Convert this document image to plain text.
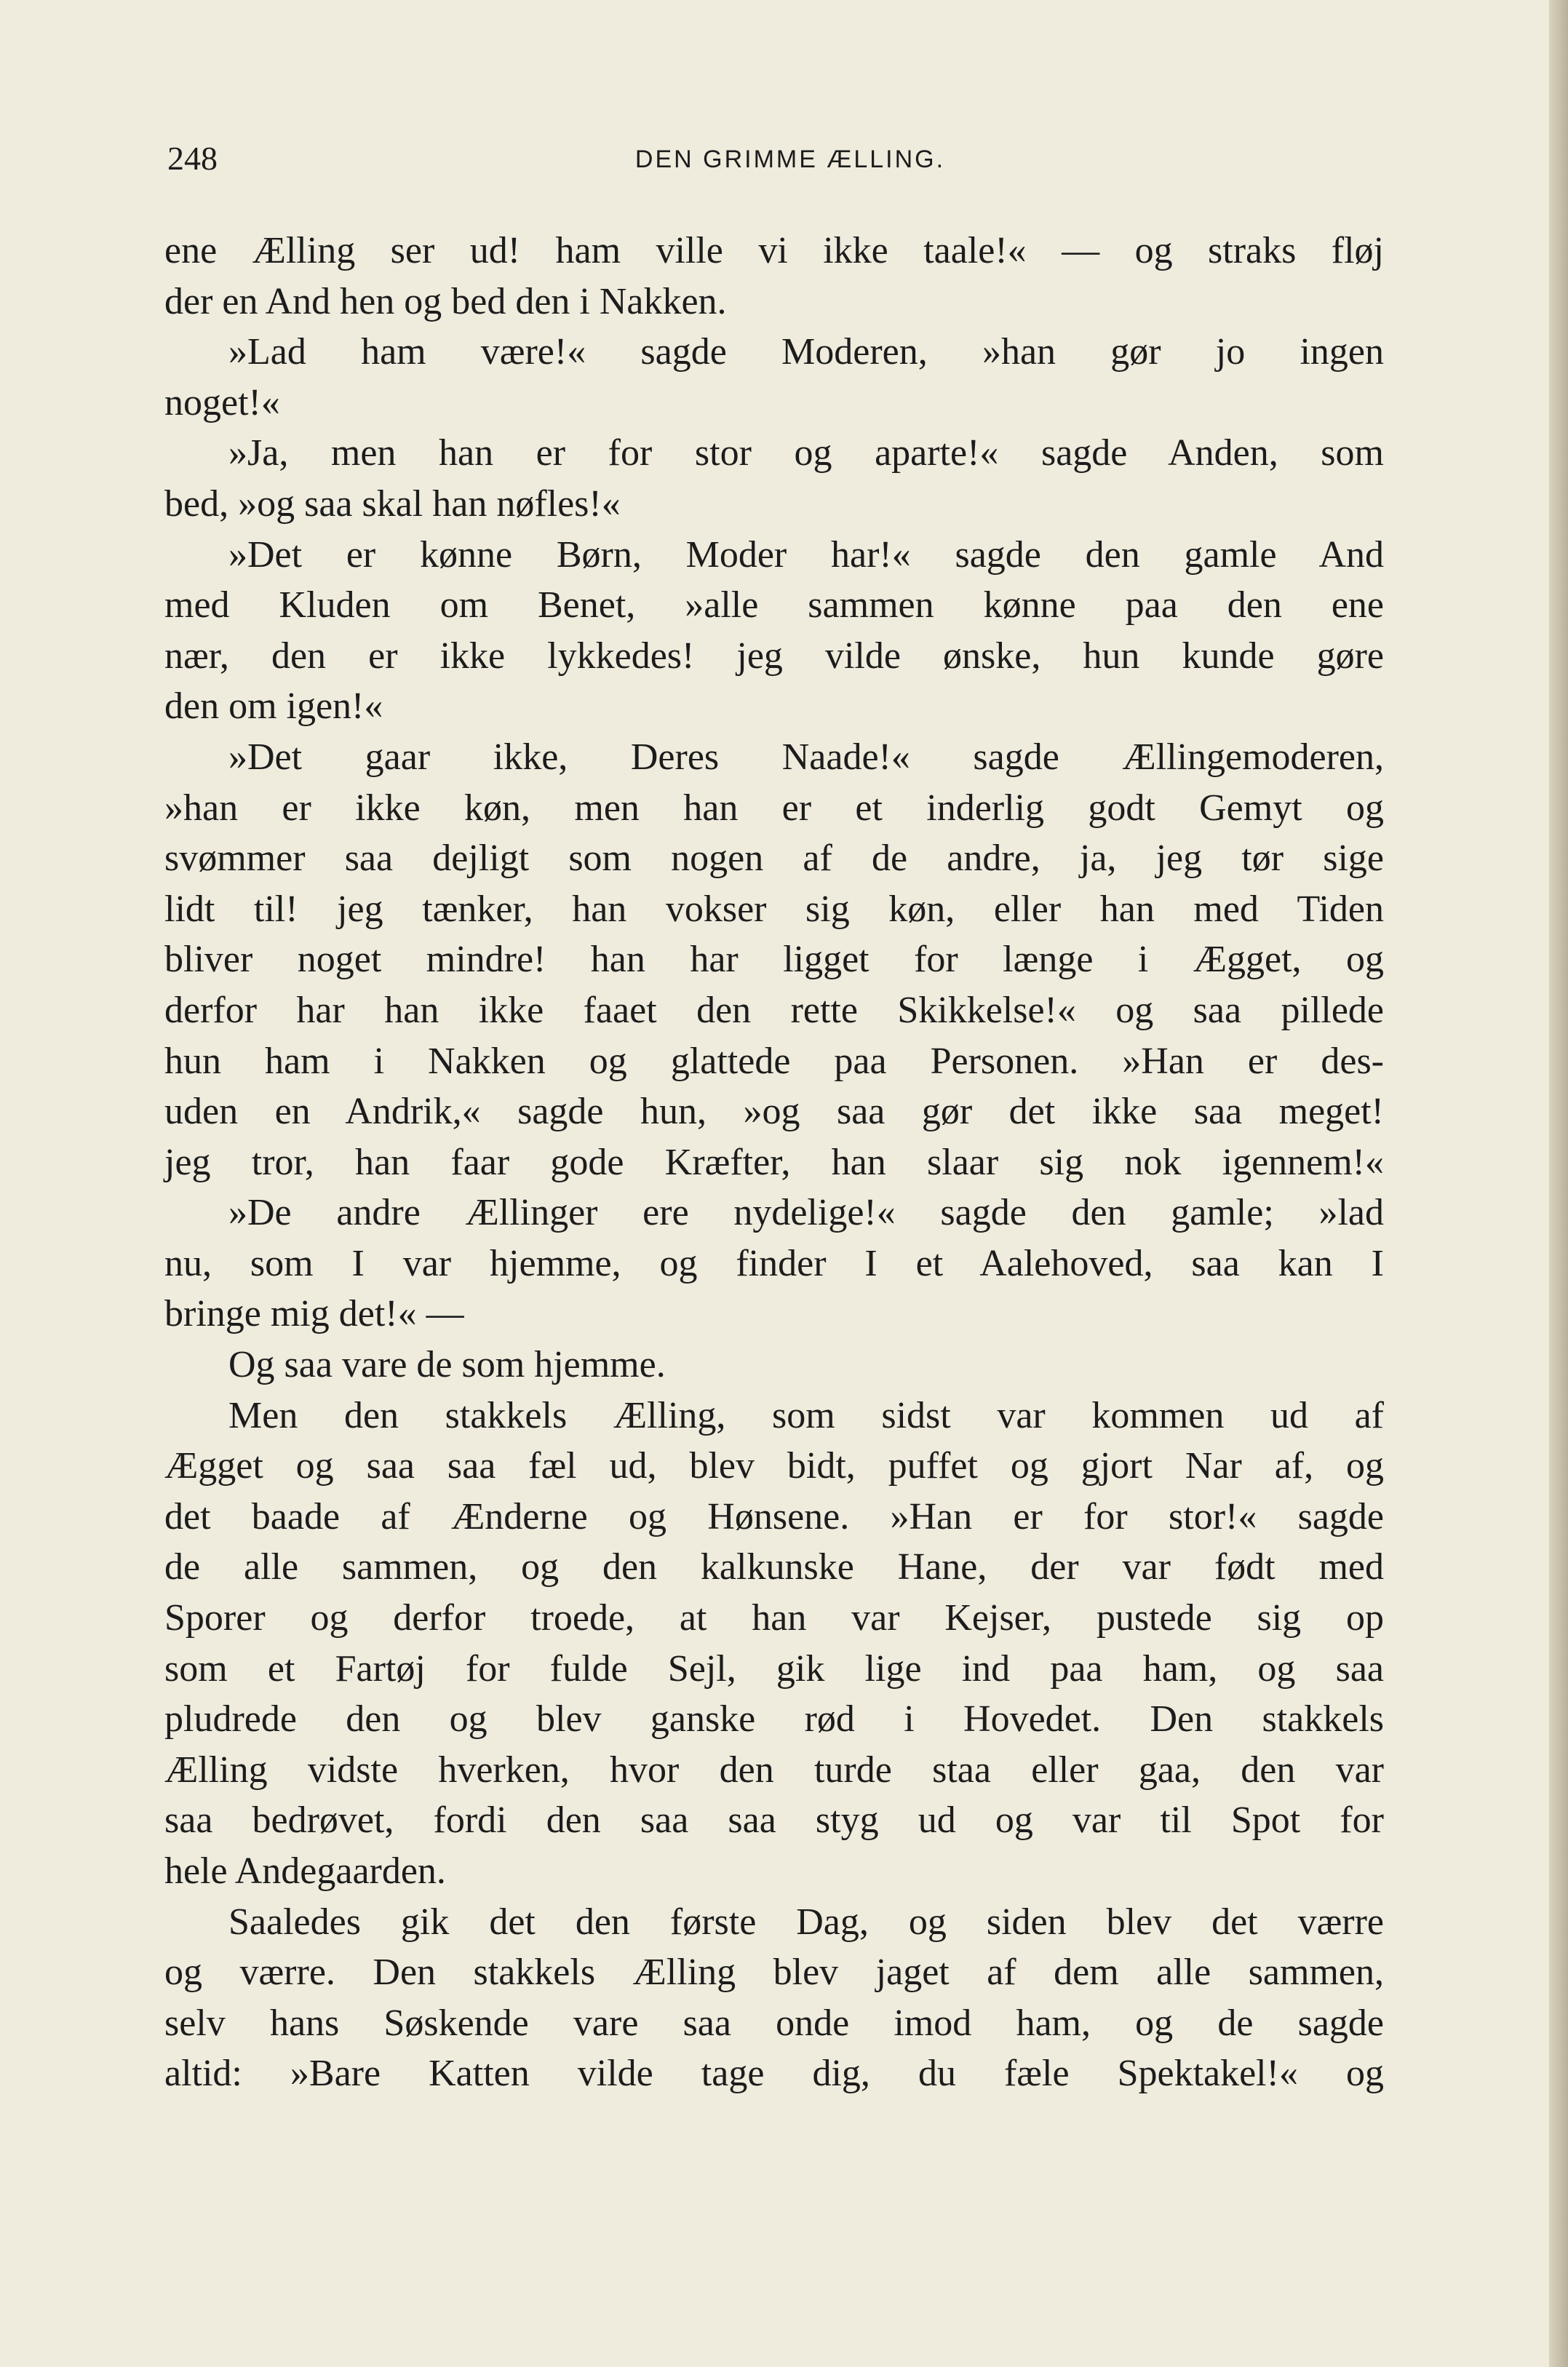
248	DEN GRIMME ÆLLING.
ene Ælling ser ud! ham ville vi ikke taale!« — og straks fløj
der en And hen og bed den i Nakken.
»Lad ham være!« sagde Moderen, »han gør jo ingen
noget!«
»Ja, men han er for stor og aparte!« sagde Anden, som
bed, »og saa skal han nøfles!«
»Det er kønne Børn, Moder har!« sagde den gamle And
med Kluden om Benet, »alle sammen kønne paa den ene
nær, den er ikke lykkedes! jeg vilde ønske, hun kunde gøre
den om igen!«
»Det gaar ikke, Deres Naade!« sagde Ællingemoderen,
»han er ikke køn, men han er et inderlig godt Gemyt og
svømmer saa dejligt som nogen af de andre, ja, jeg tør sige
lidt til! jeg tænker, han vokser sig køn, eller han med Tiden
bliver noget mindre! han har ligget for længe i Ægget, og
derfor har han ikke faaet den rette Skikkelse!« og saa pillede
hun ham i Nakken og glattede paa Personen. »Han er des-
uden en Andrik,« sagde hun, »og saa gør det ikke saa meget!
jeg tror, han faar gode Kræfter, han slaar sig nok igennem!«
»De andre Ællinger ere nydelige!« sagde den gamle; »lad
nu, som I var hjemme, og finder I et Aalehoved, saa kan I
bringe mig det!« —
Og saa vare de som hjemme.
Men den stakkels Ælling, som sidst var kommen ud af
Ægget og saa saa fæl ud, blev bidt, puffet og gjort Nar af, og
det baade af Ænderne og Hønsene. »Han er for stor!« sagde
de alle sammen, og den kalkunske Hane, der var født med
Sporer og derfor troede, at han var Kejser, pustede sig op
som et Fartøj for fulde Sejl, gik lige ind paa ham, og saa
pludrede den og blev ganske rød i Hovedet. Den stakkels
Ælling vidste hverken, hvor den turde staa eller gaa, den var
saa bedrøvet, fordi den saa saa styg ud og var til Spot for
hele Andegaarden.
Saaledes gik det den første Dag, og siden blev det værre
og værre. Den stakkels Ælling blev jaget af dem alle sammen,
selv hans Søskende vare saa onde imod ham, og de sagde
altid: »Bare Katten vilde tage dig, du fæle Spektakel!« og
